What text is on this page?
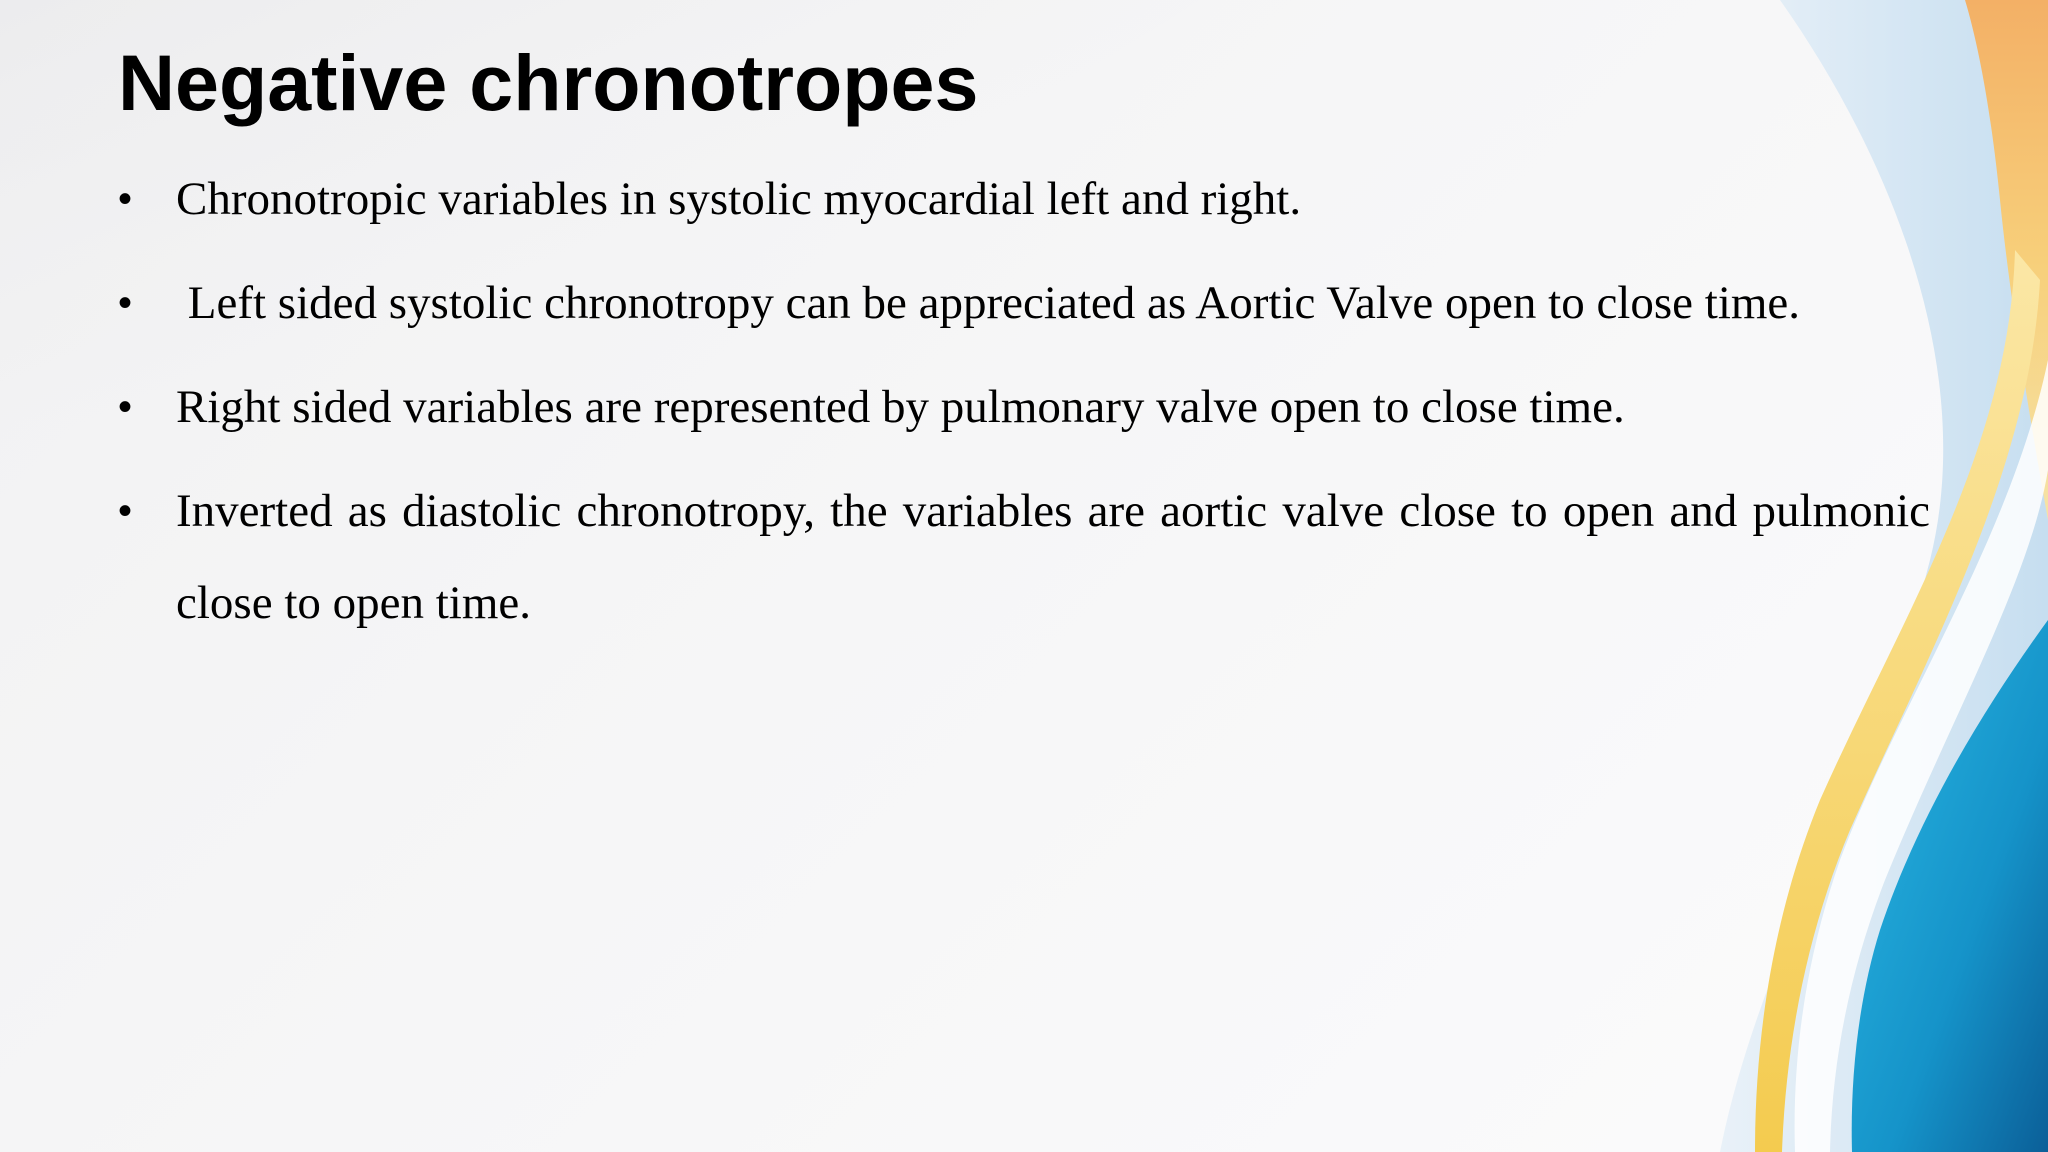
Negative chronotropes
• Chronotropic variables in systolic myocardial left and right.
• Left sided systolic chronotropy can be appreciated as Aortic Valve open to close time.
• Right sided variables are represented by pulmonary valve open to close time.
• Inverted as diastolic chronotropy, the variables are aortic valve close to open and pulmonic close to open time.
